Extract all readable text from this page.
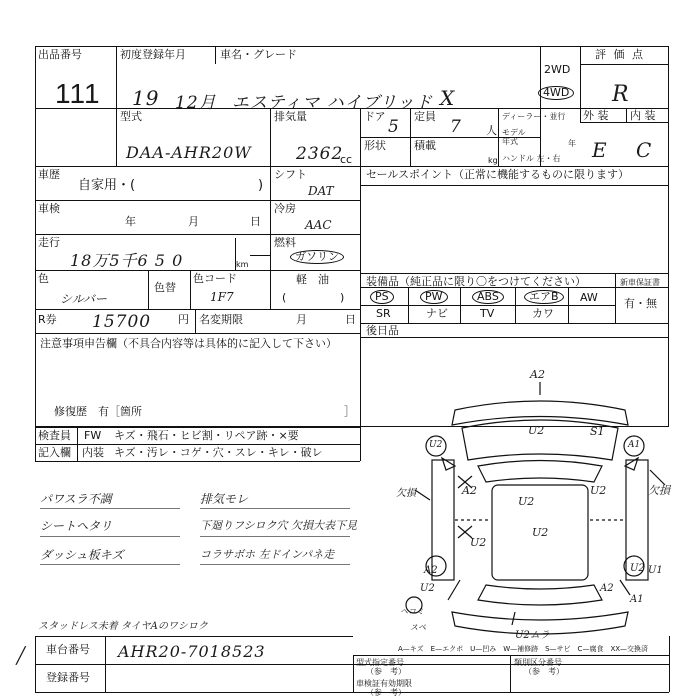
出品番号
111
初度登録年月
19 12月
車名・グレード
エスティマ ハイブリッド X
2WD
4WD
評 価 点
R
外 装 内 装
E C
型式
DAA-AHR20W
排気量
2362
cc
ドア
5
定員
7 人
形状	積載
kg
ディーラー・並行
モデル
年式	年
ハンドル 左・右
車歴
自家用・(	)
シフト
DAT
車検
年	月	日
冷房
AAC
走行
18万5千6 5 0	km
燃料
ガソリン
軽　油
色
シルバー
色替
色コード
1F7	(	)
セールスポイント（正常に機能するものに限ります）
装備品（純正品に限り〇をつけてください）	新車保証書
有・無
PS	PW	ABS	エアB	AW
SR	ナビ	TV	カワ
後日品
R券 15700 円 名変期限	月	日
注意事項申告欄（不具合内容等は具体的に記入して下さい）
修復歴　有［箇所	］
検査員
記入欄
FW キズ・飛石・ヒビ割・リペア跡・×要
内装 キズ・汚レ・コゲ・穴・スレ・キレ・破レ
パワスラ不調
シートヘタリ
ダッシュ板キズ
排気モレ
下廻りフシロク穴 欠損大表下見
コラサボホ 左ドインパネ走
スタッドレス未着 タイヤAのワシロク
A2
U2	S1
U2	A1
欠損
A2
U2
欠損	U2
U2
U2
A2	U2
U2	A2
U1
A1
U2ムラ
ヘコミ
スペ
A—キズ　E—エクボ　U—凹み　W—補修跡　S—サビ　C—腐食　XX—交換済
車台番号 AHR20-7018523
登録番号
型式指定番号
（参　考）
車検証有効期限
（参　考）
類別区分番号
（参　考）
╱
